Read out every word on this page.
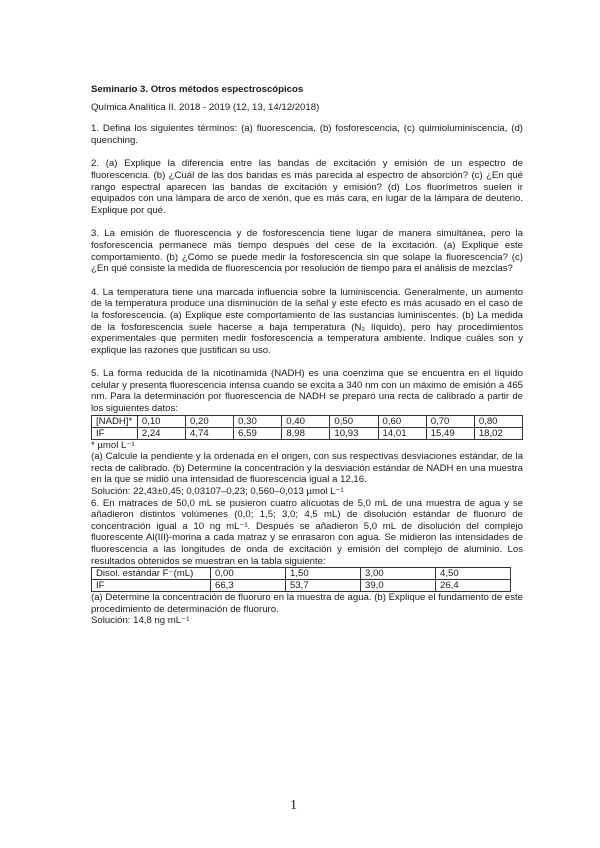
Seminario 3. Otros métodos espectroscópicos

Química Analítica II. 2018 - 2019 (12, 13, 14/12/2018)

1. Defina los siguientes términos: (a) fluorescencia, (b) fosforescencia, (c) quimioluminiscencia, (d) quenching.

2. (a) Explique la diferencia entre las bandas de excitación y emisión de un espectro de fluorescencia. (b) ¿Cuál de las dos bandas es más parecida al espectro de absorción? (c) ¿En qué rango espectral aparecen las bandas de excitación y emisión? (d) Los fluorímetros suelen ir equipados con una lámpara de arco de xenón, que es más cara, en lugar de la lámpara de deuterio. Explique por qué.

3. La emisión de fluorescencia y de fosforescencia tiene lugar de manera simultánea, pero la fosforescencia permanece más tiempo después del cese de la excitación. (a) Explique este comportamiento. (b) ¿Cómo se puede medir la fosforescencia sin que solape la fluorescencia? (c) ¿En qué consiste la medida de fluorescencia por resolución de tiempo para el análisis de mezclas?

4. La temperatura tiene una marcada influencia sobre la luminiscencia. Generalmente, un aumento de la temperatura produce una disminución de la señal y este efecto es más acusado en el caso de la fosforescencia. (a) Explique este comportamiento de las sustancias luminiscentes. (b) La medida de la fosforescencia suele hacerse a baja temperatura (N₂ líquido), pero hay procedimientos experimentales que permiten medir fosforescencia a temperatura ambiente. Indique cuáles son y explique las razones que justifican su uso.

5. La forma reducida de la nicotinamida (NADH) es una coenzima que se encuentra en el líquido celular y presenta fluorescencia intensa cuando se excita a 340 nm con un máximo de emisión a 465 nm. Para la determinación por fluorescencia de NADH se preparó una recta de calibrado a partir de los siguientes datos:

[NADH]*	0,10	0,20	0,30	0,40	0,50	0,60	0,70	0,80
IF	2,24	4,74	6,59	8,98	10,93	14,01	15,49	18,02

* µmol L⁻¹

(a) Calcule la pendiente y la ordenada en el origen, con sus respectivas desviaciones estándar, de la recta de calibrado. (b) Determine la concentración y la desviación estándar de NADH en una muestra en la que se midió una intensidad de fluorescencia igual a 12,16.

Solución: 22,43±0,45; 0,03107–0,23; 0,560–0,013 µmol L⁻¹

6. En matraces de 50,0 mL se pusieron cuatro alícuotas de 5,0 mL de una muestra de agua y se añadieron distintos volúmenes (0,0; 1,5; 3,0; 4,5 mL) de disolución estándar de fluoruro de concentración igual a 10 ng mL⁻¹. Después se añadieron 5,0 mL de disolución del complejo fluorescente Al(III)-morina a cada matraz y se enrasaron con agua. Se midieron las intensidades de fluorescencia a las longitudes de onda de excitación y emisión del complejo de aluminio. Los resultados obtenidos se muestran en la tabla siguiente:

Disol. estándar F⁻(mL)	0,00	1,50	3,00	4,50
IF	66,3	53,7	39,0	26,4

(a) Determine la concentración de fluoruro en la muestra de agua. (b) Explique el fundamento de este procedimiento de determinación de fluoruro.

Solución: 14,8 ng mL⁻¹

1
